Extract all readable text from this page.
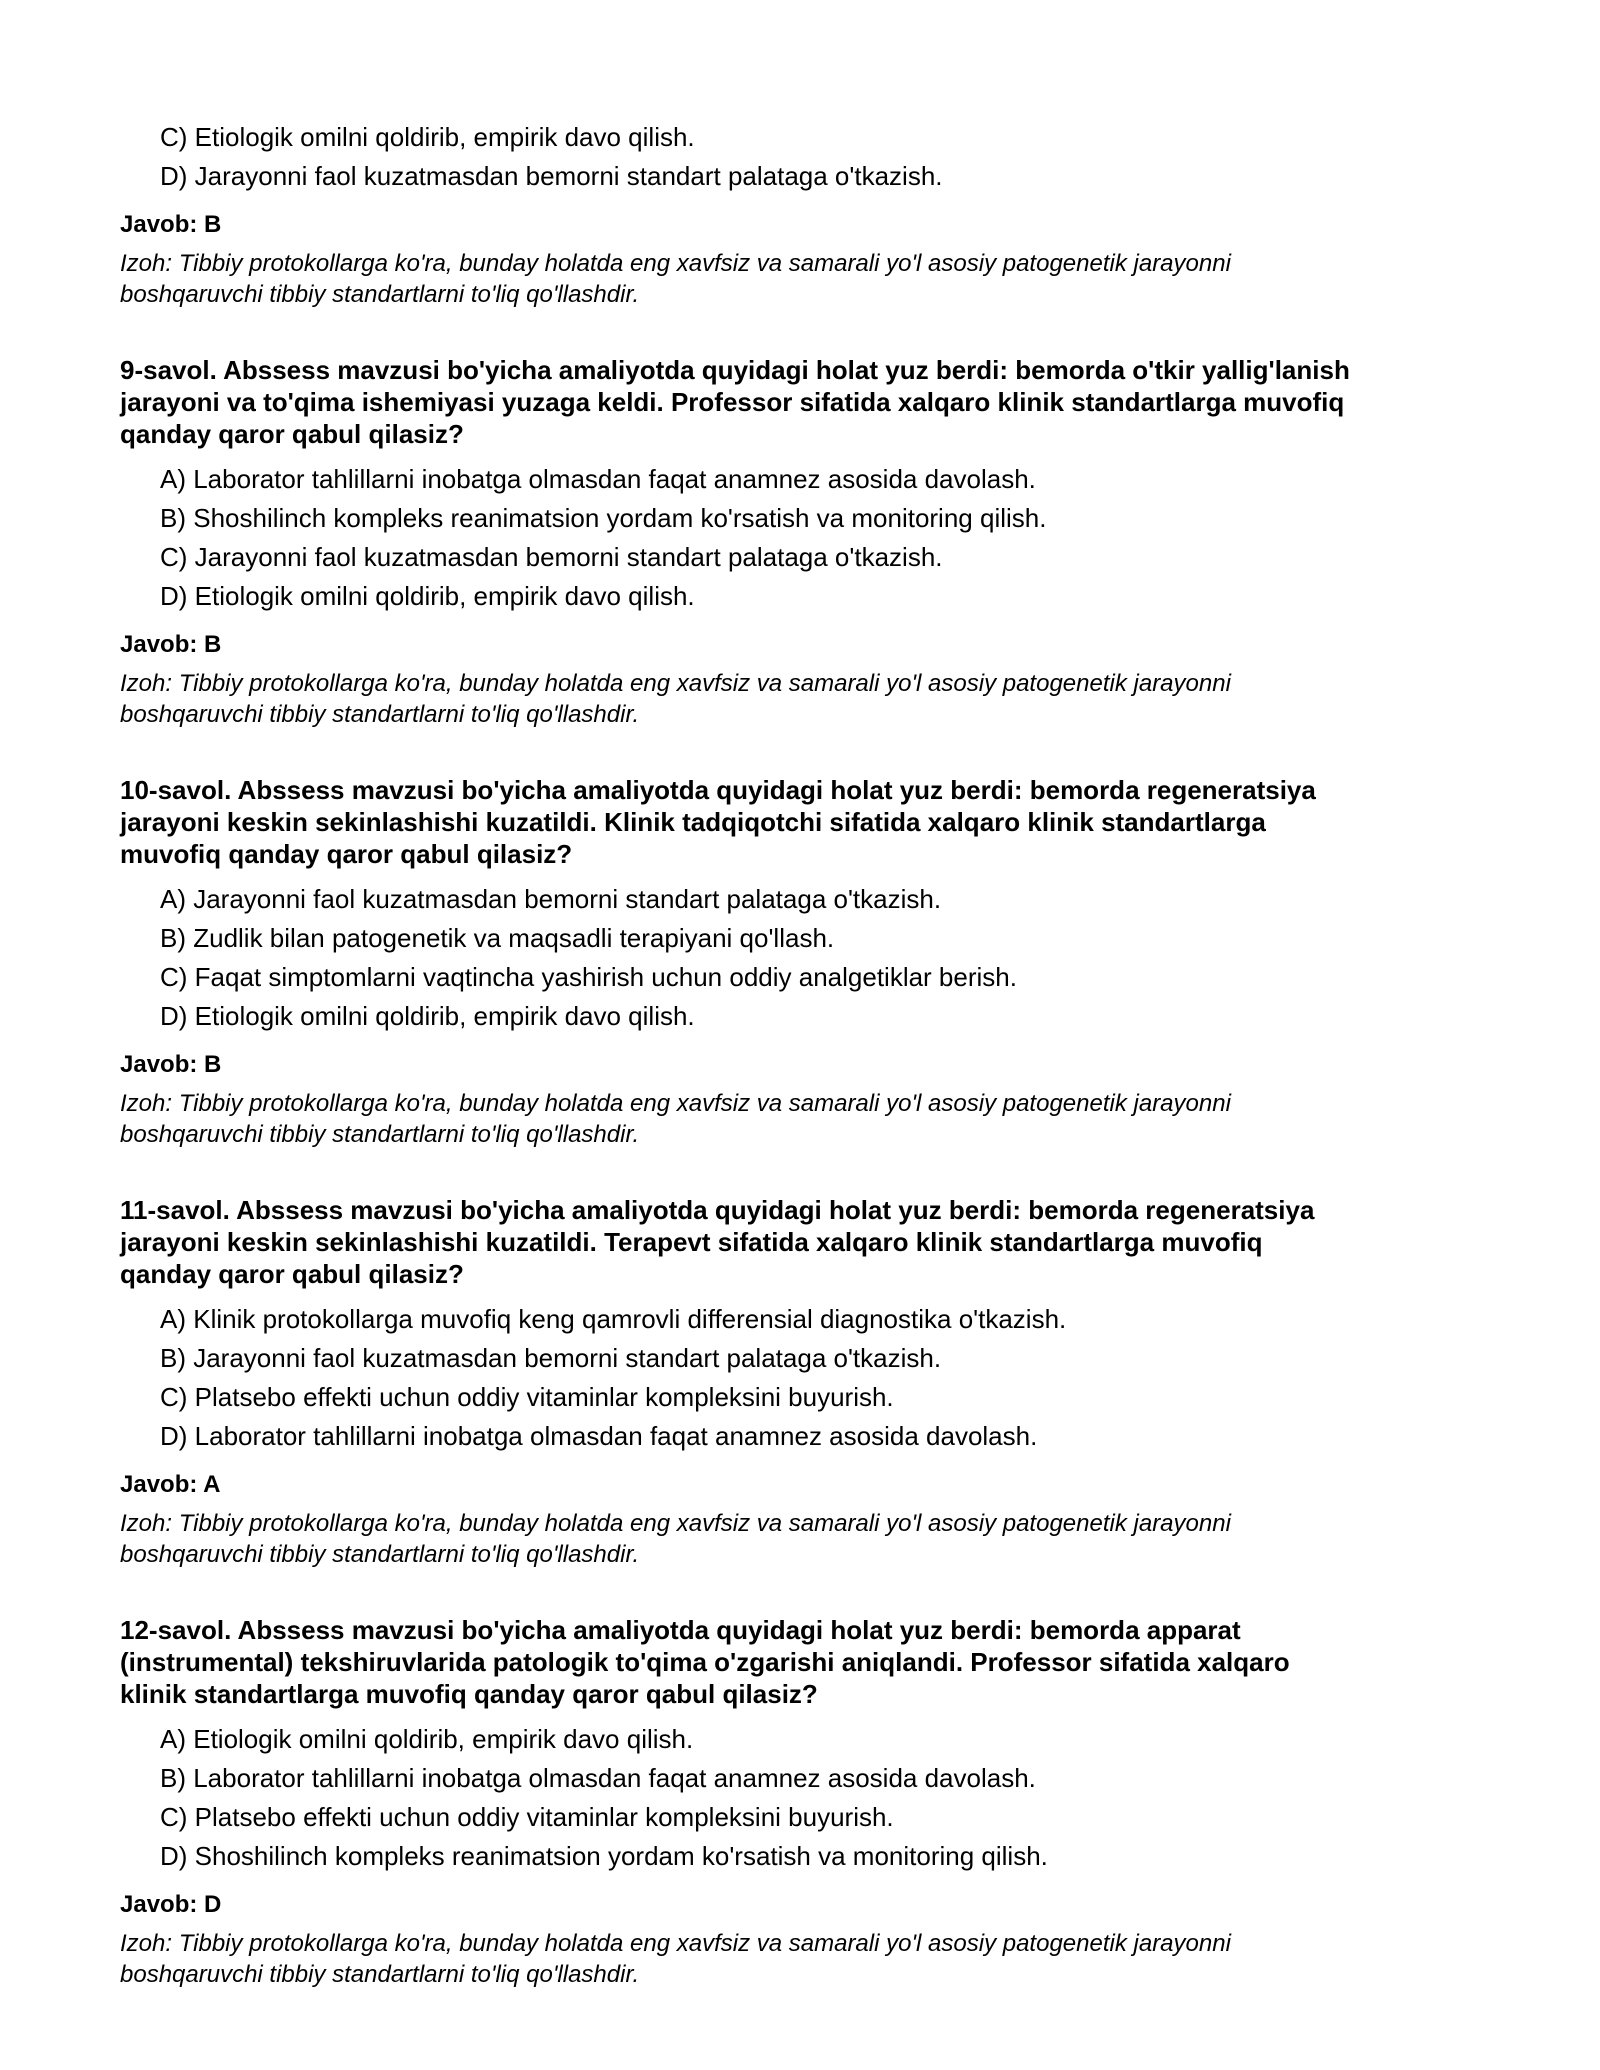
C) Etiologik omilni qoldirib, empirik davo qilish.
D) Jarayonni faol kuzatmasdan bemorni standart palataga o'tkazish.
Javob: B
Izoh: Tibbiy protokollarga ko'ra, bunday holatda eng xavfsiz va samarali yo'l asosiy patogenetik jarayonni
boshqaruvchi tibbiy standartlarni to'liq qo'llashdir.
9-savol. Abssess mavzusi bo'yicha amaliyotda quyidagi holat yuz berdi: bemorda o'tkir yallig'lanish
jarayoni va to'qima ishemiyasi yuzaga keldi. Professor sifatida xalqaro klinik standartlarga muvofiq
qanday qaror qabul qilasiz?
A) Laborator tahlillarni inobatga olmasdan faqat anamnez asosida davolash.
B) Shoshilinch kompleks reanimatsion yordam ko'rsatish va monitoring qilish.
C) Jarayonni faol kuzatmasdan bemorni standart palataga o'tkazish.
D) Etiologik omilni qoldirib, empirik davo qilish.
Javob: B
Izoh: Tibbiy protokollarga ko'ra, bunday holatda eng xavfsiz va samarali yo'l asosiy patogenetik jarayonni
boshqaruvchi tibbiy standartlarni to'liq qo'llashdir.
10-savol. Abssess mavzusi bo'yicha amaliyotda quyidagi holat yuz berdi: bemorda regeneratsiya
jarayoni keskin sekinlashishi kuzatildi. Klinik tadqiqotchi sifatida xalqaro klinik standartlarga
muvofiq qanday qaror qabul qilasiz?
A) Jarayonni faol kuzatmasdan bemorni standart palataga o'tkazish.
B) Zudlik bilan patogenetik va maqsadli terapiyani qo'llash.
C) Faqat simptomlarni vaqtincha yashirish uchun oddiy analgetiklar berish.
D) Etiologik omilni qoldirib, empirik davo qilish.
Javob: B
Izoh: Tibbiy protokollarga ko'ra, bunday holatda eng xavfsiz va samarali yo'l asosiy patogenetik jarayonni
boshqaruvchi tibbiy standartlarni to'liq qo'llashdir.
11-savol. Abssess mavzusi bo'yicha amaliyotda quyidagi holat yuz berdi: bemorda regeneratsiya
jarayoni keskin sekinlashishi kuzatildi. Terapevt sifatida xalqaro klinik standartlarga muvofiq
qanday qaror qabul qilasiz?
A) Klinik protokollarga muvofiq keng qamrovli differensial diagnostika o'tkazish.
B) Jarayonni faol kuzatmasdan bemorni standart palataga o'tkazish.
C) Platsebo effekti uchun oddiy vitaminlar kompleksini buyurish.
D) Laborator tahlillarni inobatga olmasdan faqat anamnez asosida davolash.
Javob: A
Izoh: Tibbiy protokollarga ko'ra, bunday holatda eng xavfsiz va samarali yo'l asosiy patogenetik jarayonni
boshqaruvchi tibbiy standartlarni to'liq qo'llashdir.
12-savol. Abssess mavzusi bo'yicha amaliyotda quyidagi holat yuz berdi: bemorda apparat
(instrumental) tekshiruvlarida patologik to'qima o'zgarishi aniqlandi. Professor sifatida xalqaro
klinik standartlarga muvofiq qanday qaror qabul qilasiz?
A) Etiologik omilni qoldirib, empirik davo qilish.
B) Laborator tahlillarni inobatga olmasdan faqat anamnez asosida davolash.
C) Platsebo effekti uchun oddiy vitaminlar kompleksini buyurish.
D) Shoshilinch kompleks reanimatsion yordam ko'rsatish va monitoring qilish.
Javob: D
Izoh: Tibbiy protokollarga ko'ra, bunday holatda eng xavfsiz va samarali yo'l asosiy patogenetik jarayonni
boshqaruvchi tibbiy standartlarni to'liq qo'llashdir.
